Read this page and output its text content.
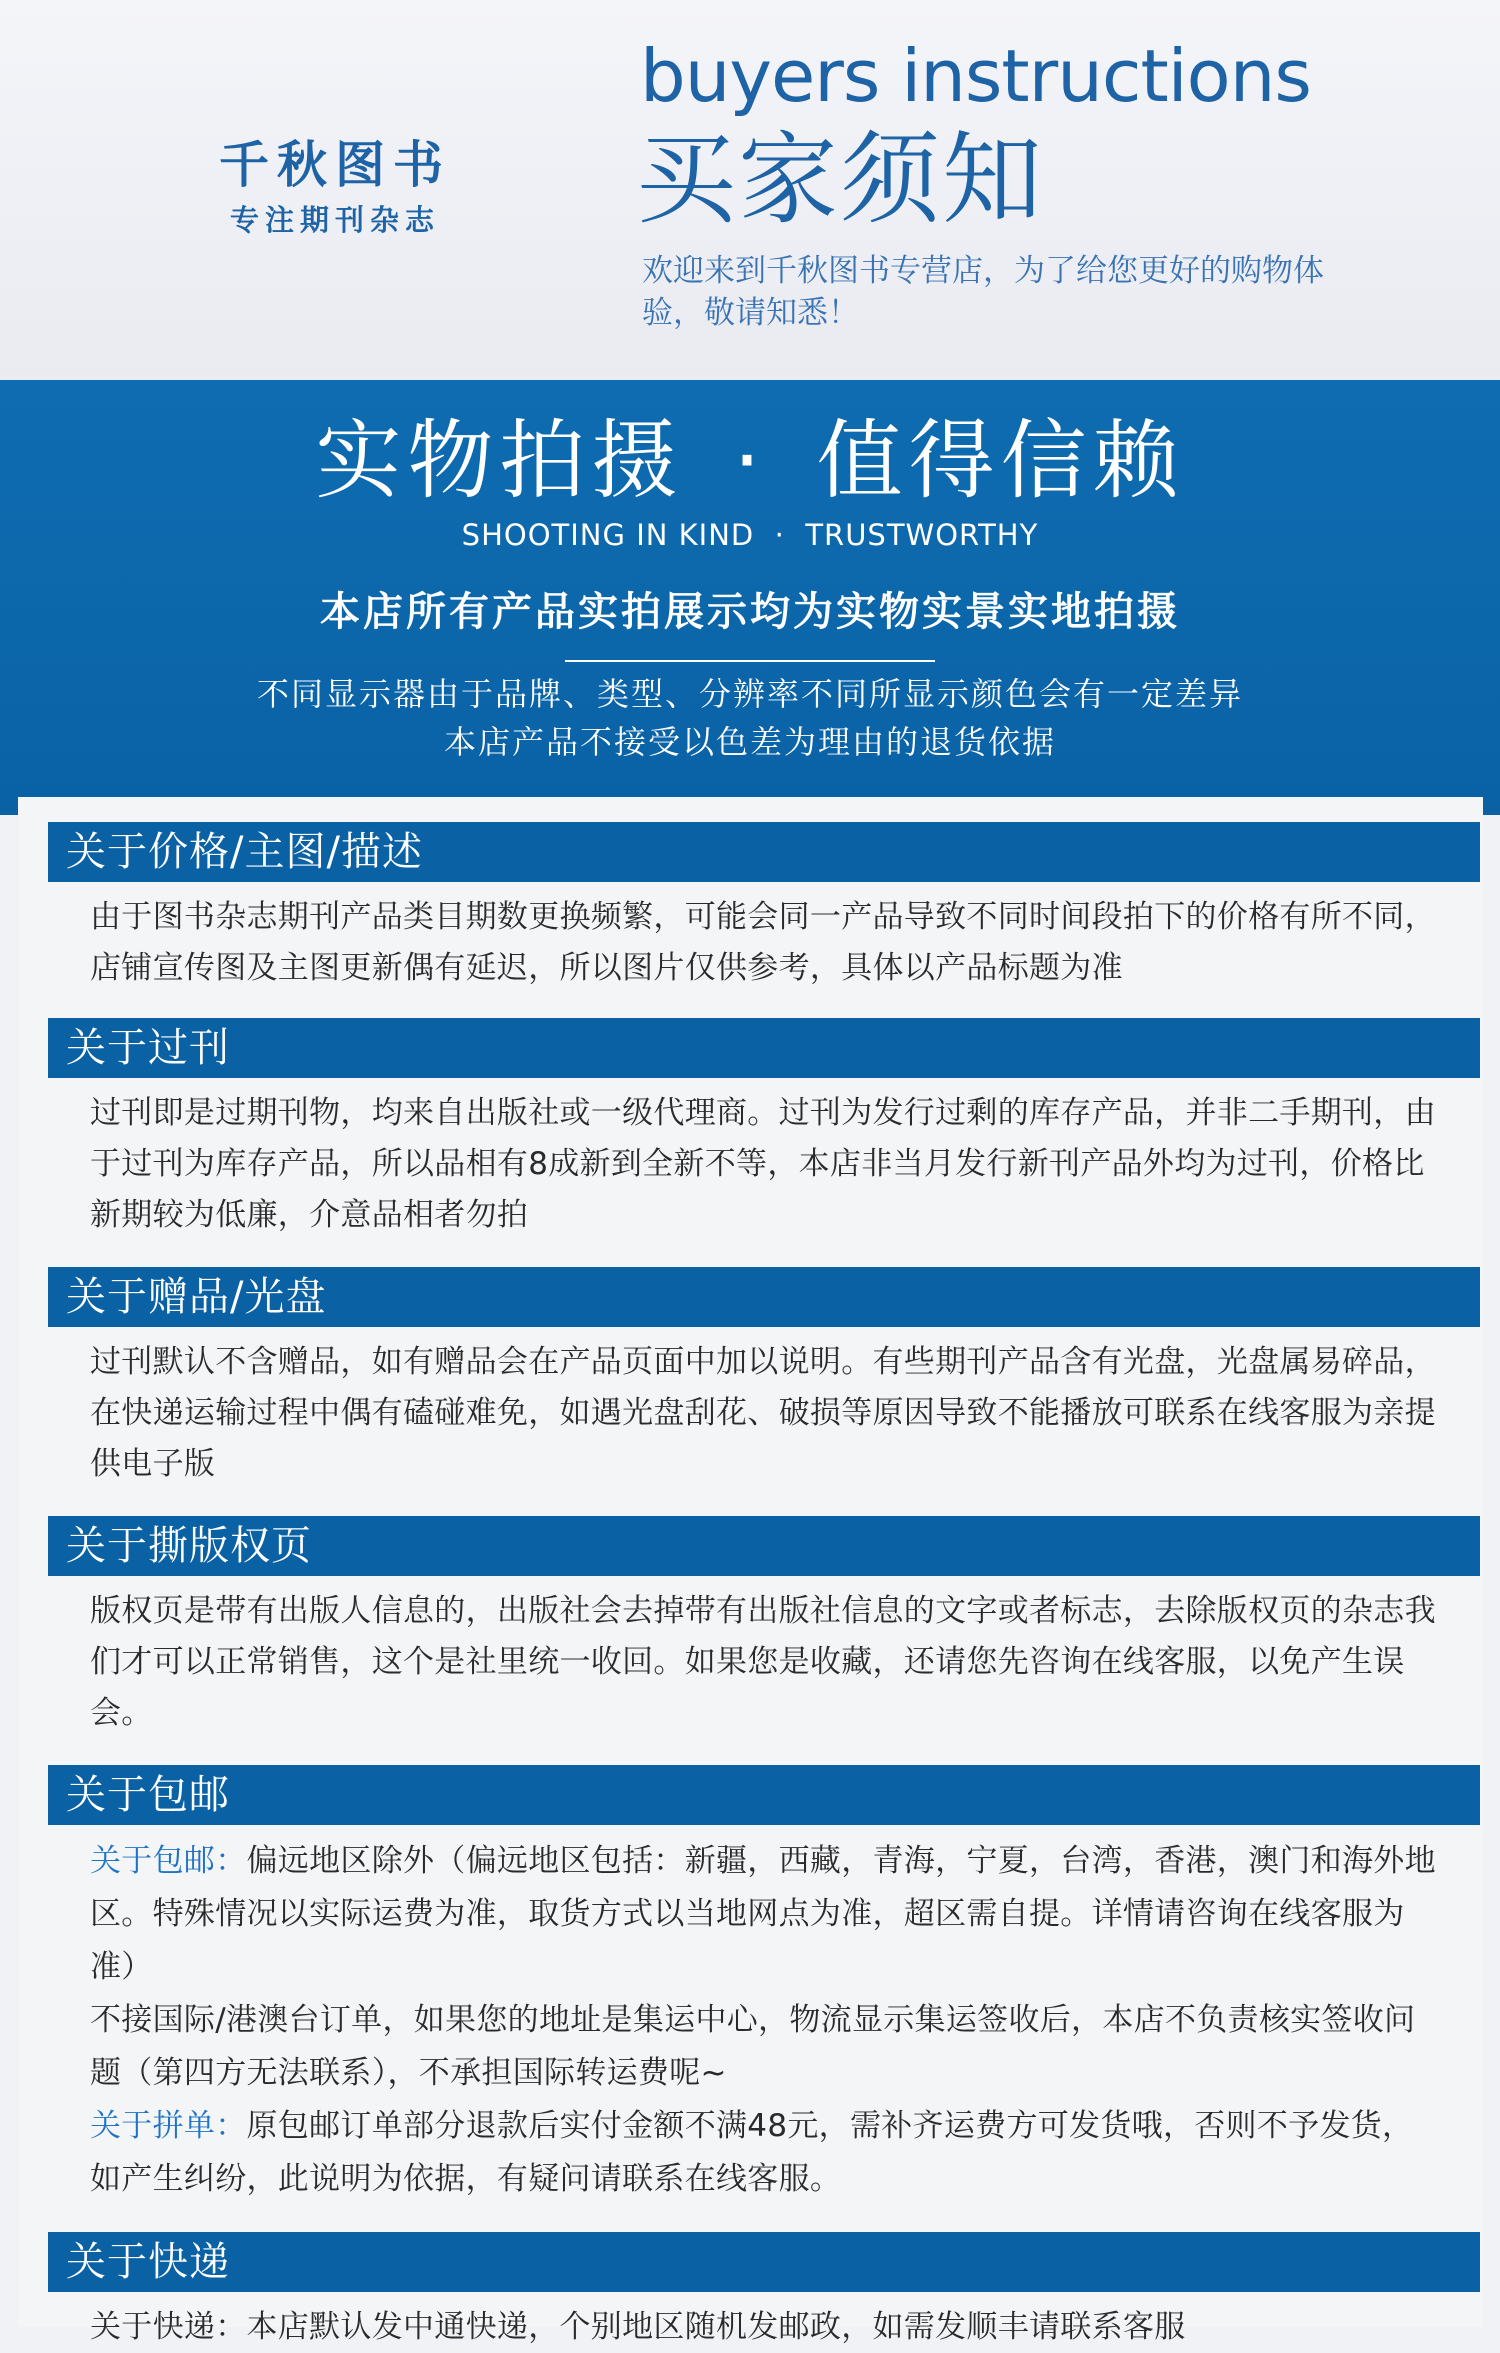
千秋图书
专注期刊杂志
buyers instructions
买家须知
欢迎来到千秋图书专营店，为了给您更好的购物体验，敬请知悉！
实物拍摄 · 值得信赖
SHOOTING IN KIND  ·  TRUSTWORTHY
本店所有产品实拍展示均为实物实景实地拍摄
不同显示器由于品牌、类型、分辨率不同所显示颜色会有一定差异
本店产品不接受以色差为理由的退货依据
关于价格/主图/描述
由于图书杂志期刊产品类目期数更换频繁，可能会同一产品导致不同时间段拍下的价格有所不同，店铺宣传图及主图更新偶有延迟，所以图片仅供参考，具体以产品标题为准
关于过刊
过刊即是过期刊物，均来自出版社或一级代理商。过刊为发行过剩的库存产品，并非二手期刊，由于过刊为库存产品，所以品相有8成新到全新不等，本店非当月发行新刊产品外均为过刊，价格比新期较为低廉，介意品相者勿拍
关于赠品/光盘
过刊默认不含赠品，如有赠品会在产品页面中加以说明。有些期刊产品含有光盘，光盘属易碎品，在快递运输过程中偶有磕碰难免，如遇光盘刮花、破损等原因导致不能播放可联系在线客服为亲提供电子版
关于撕版权页
版权页是带有出版人信息的，出版社会去掉带有出版社信息的文字或者标志，去除版权页的杂志我们才可以正常销售，这个是社里统一收回。如果您是收藏，还请您先咨询在线客服，以免产生误会。
关于包邮

关于包邮：偏远地区除外（偏远地区包括：新疆，西藏，青海，宁夏，台湾，香港，澳门和海外地区。特殊情况以实际运费为准，取货方式以当地网点为准，超区需自提。详情请咨询在线客服为准）

不接国际/港澳台订单，如果您的地址是集运中心，物流显示集运签收后，本店不负责核实签收问题（第四方无法联系），不承担国际转运费呢~

关于拼单：原包邮订单部分退款后实付金额不满48元，需补齐运费方可发货哦，否则不予发货，如产生纠纷，此说明为依据，有疑问请联系在线客服。

关于快递
关于快递：本店默认发中通快递，个别地区随机发邮政，如需发顺丰请联系客服
